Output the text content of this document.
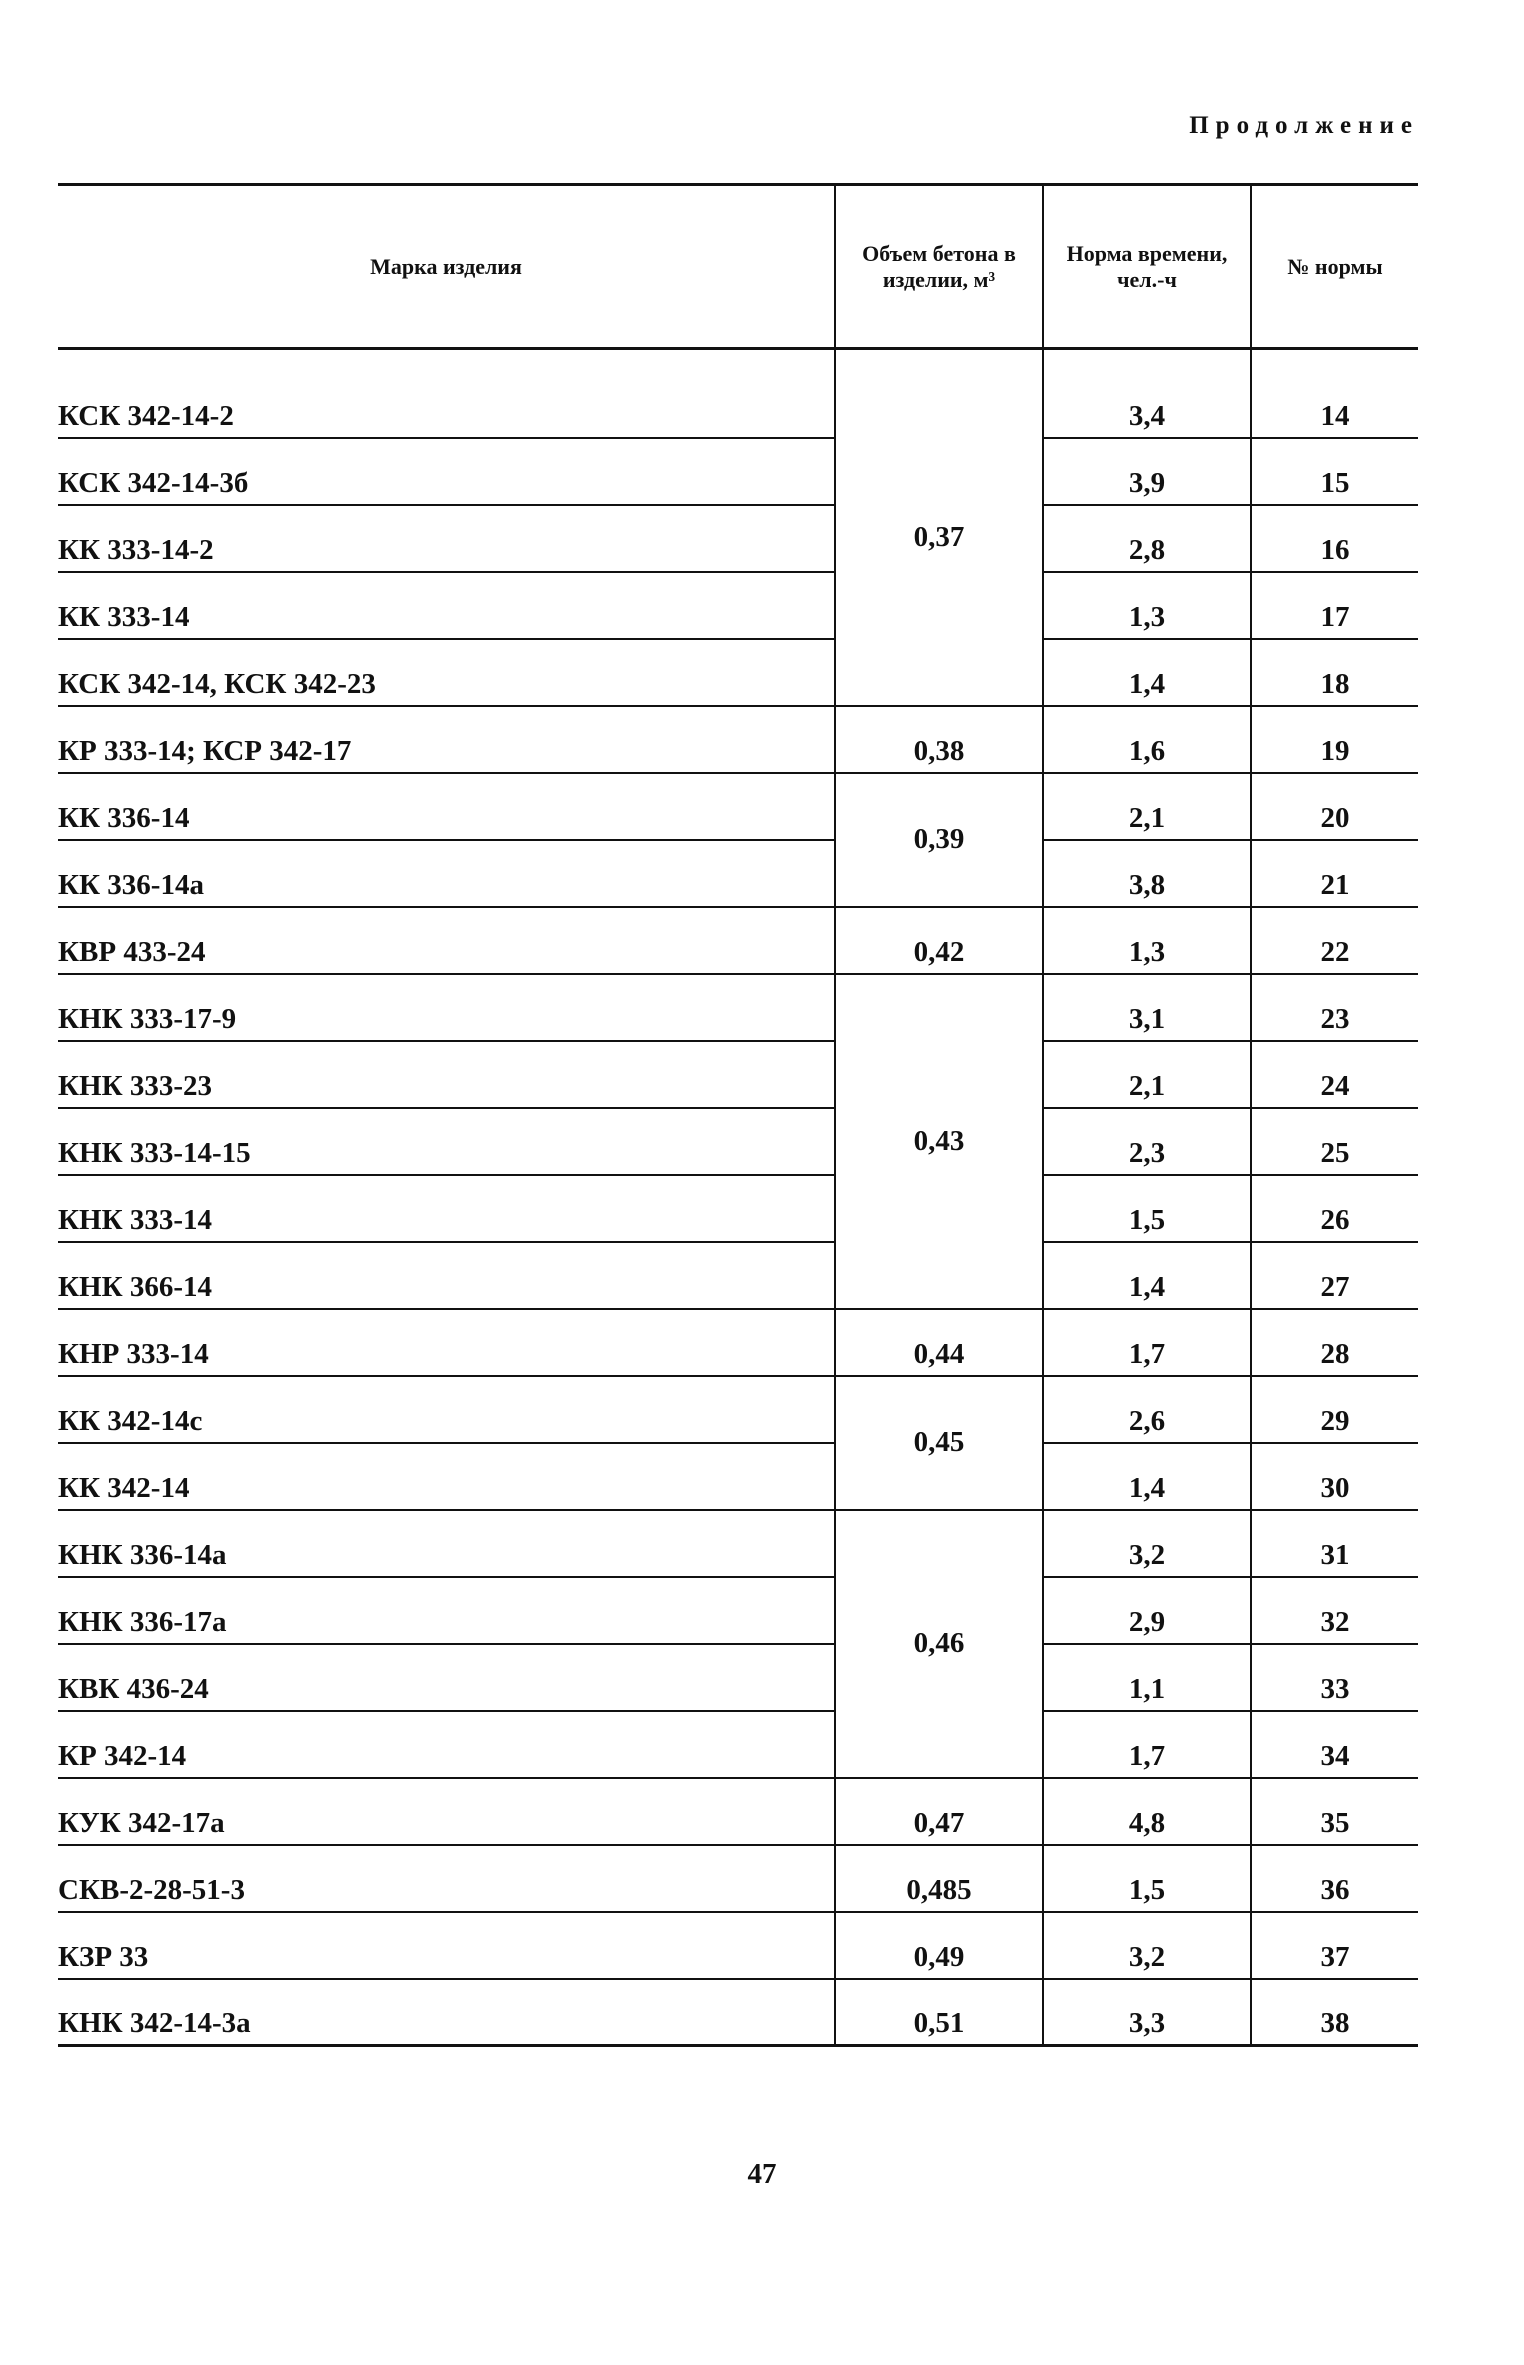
Продолжение
Марка изделия	Объем бетона в изделии, м³	Норма времени, чел.-ч	№ нормы

КСК 342-14-2	0,37	3,4	14
КСК 342-14-3б		3,9	15
КК 333-14-2		2,8	16
КК 333-14		1,3	17
КСК 342-14, КСК 342-23		1,4	18
КР 333-14; КСР 342-17	0,38	1,6	19
КК 336-14	0,39	2,1	20
КК 336-14а		3,8	21
КВР 433-24	0,42	1,3	22
КНК 333-17-9	0,43	3,1	23
КНК 333-23		2,1	24
КНК 333-14-15		2,3	25
КНК 333-14		1,5	26
КНК 366-14		1,4	27
КНР 333-14	0,44	1,7	28
КК 342-14с	0,45	2,6	29
КК 342-14		1,4	30
КНК 336-14а	0,46	3,2	31
КНК 336-17а		2,9	32
КВК 436-24		1,1	33
КР 342-14		1,7	34
КУК 342-17а	0,47	4,8	35
СКВ-2-28-51-3	0,485	1,5	36
КЗР 33	0,49	3,2	37
КНК 342-14-3а	0,51	3,3	38
47
